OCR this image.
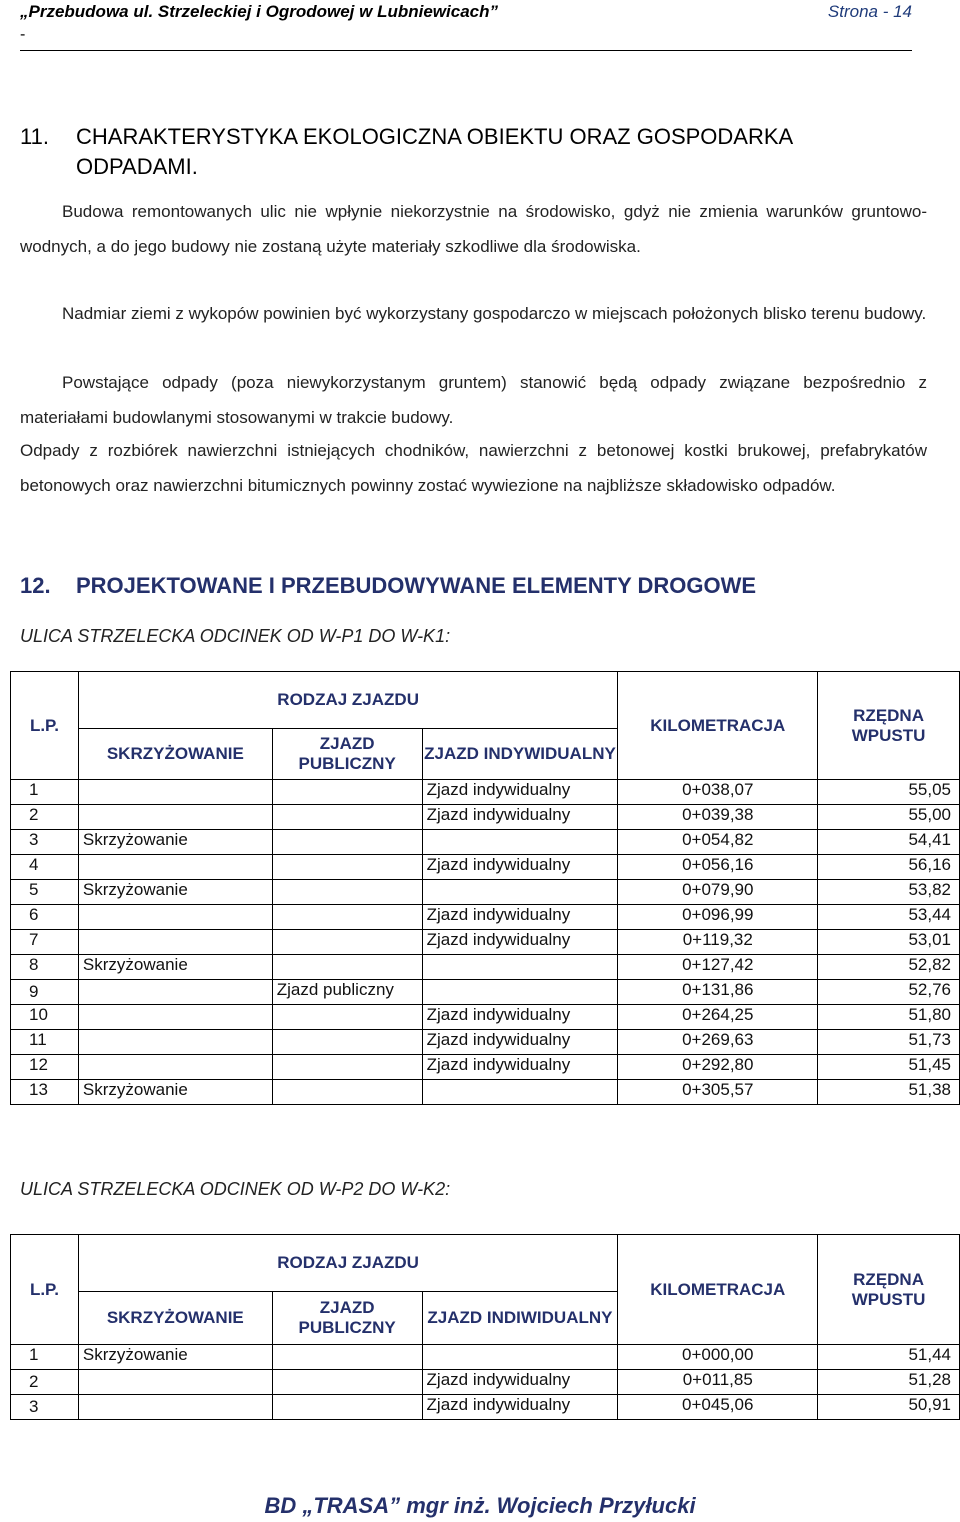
„Przebudowa ul. Strzeleckiej i Ogrodowej w Lubniewicach”	Strona - 14
-
11. CHARAKTERYSTYKA EKOLOGICZNA OBIEKTU ORAZ GOSPODARKA
ODPADAMI.
Budowa remontowanych ulic nie wpłynie niekorzystnie na środowisko, gdyż nie zmienia warunków gruntowo-wodnych, a do jego budowy nie zostaną użyte materiały szkodliwe dla środowiska.
Nadmiar ziemi z wykopów powinien być wykorzystany gospodarczo w miejscach położonych blisko terenu budowy.
Powstające odpady (poza niewykorzystanym gruntem) stanowić będą odpady związane bezpośrednio z materiałami budowlanymi stosowanymi w trakcie budowy.
Odpady z rozbiórek nawierzchni istniejących chodników, nawierzchni z betonowej kostki brukowej, prefabrykatów betonowych oraz nawierzchni bitumicznych powinny zostać wywiezione na najbliższe składowisko odpadów.
12. PROJEKTOWANE I PRZEBUDOWYWANE ELEMENTY DROGOWE
ULICA STRZELECKA ODCINEK OD W-P1 DO W-K1:
L.P.	RODZAJ ZJAZDU			KILOMETRACJA	RZĘDNA WPUSTU
	SKRZYŻOWANIE	ZJAZD PUBLICZNY	ZJAZD INDYWIDUALNY		
1			Zjazd indywidualny	0+038,07	55,05
2			Zjazd indywidualny	0+039,38	55,00
3	Skrzyżowanie			0+054,82	54,41
4			Zjazd indywidualny	0+056,16	56,16
5	Skrzyżowanie			0+079,90	53,82
6			Zjazd indywidualny	0+096,99	53,44
7			Zjazd indywidualny	0+119,32	53,01
8	Skrzyżowanie			0+127,42	52,82
9		Zjazd publiczny		0+131,86	52,76
10			Zjazd indywidualny	0+264,25	51,80
11			Zjazd indywidualny	0+269,63	51,73
12			Zjazd indywidualny	0+292,80	51,45
13	Skrzyżowanie			0+305,57	51,38
ULICA STRZELECKA ODCINEK OD W-P2 DO W-K2:
L.P.	RODZAJ ZJAZDU			KILOMETRACJA	RZĘDNA WPUSTU
	SKRZYŻOWANIE	ZJAZD PUBLICZNY	ZJAZD INDIWIDUALNY		
1	Skrzyżowanie			0+000,00	51,44
2			Zjazd indywidualny	0+011,85	51,28
3			Zjazd indywidualny	0+045,06	50,91
BD „TRASA” mgr inż. Wojciech Przyłucki
